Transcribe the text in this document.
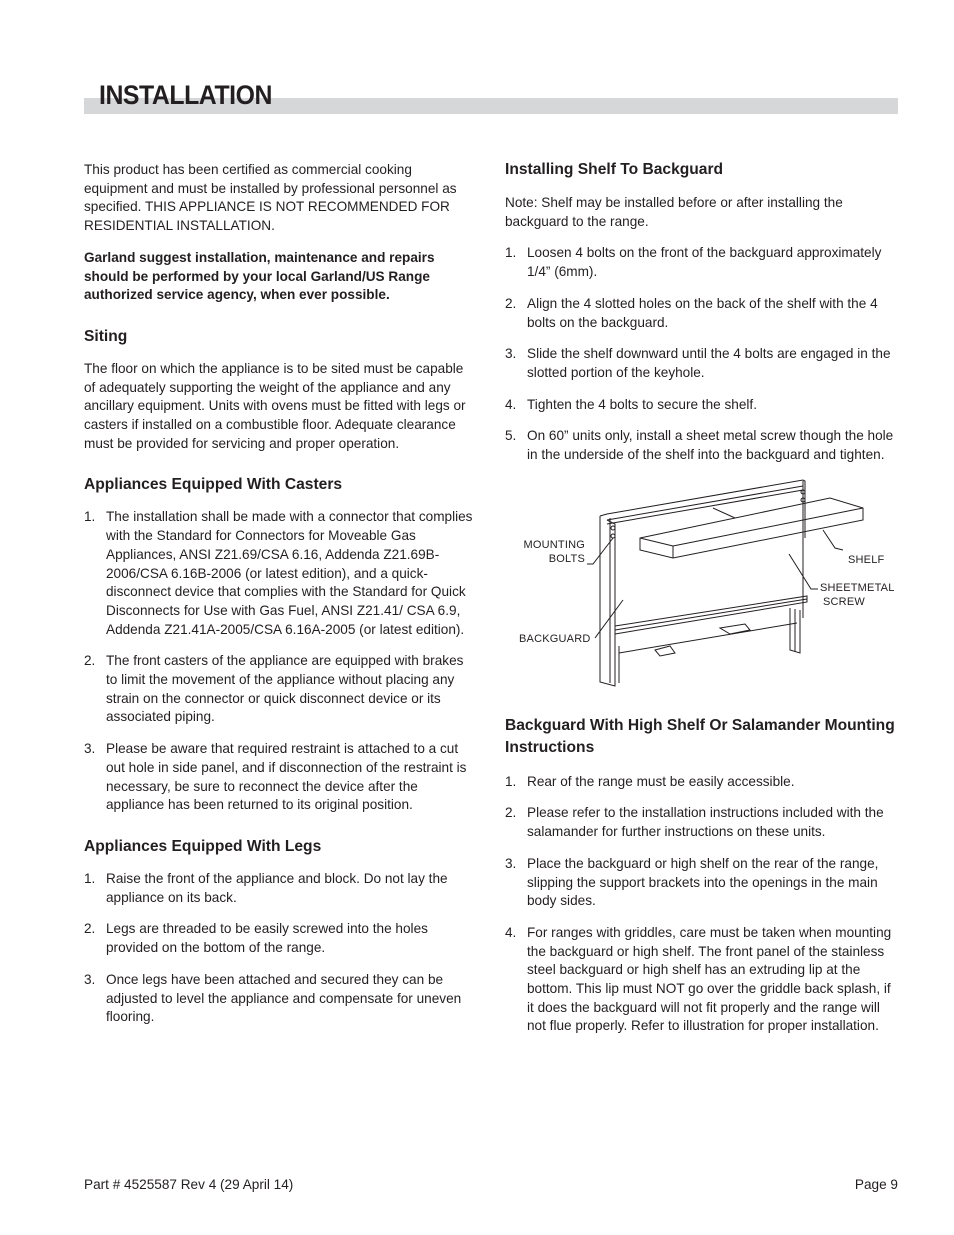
INSTALLATION

This product has been certified as commercial cooking equipment and must be installed by professional personnel as specified. THIS APPLIANCE IS NOT RECOMMENDED FOR RESIDENTIAL INSTALLATION.

Garland suggest installation, maintenance and repairs should be performed by your local Garland/US Range authorized service agency, when ever possible.

Siting

The floor on which the appliance is to be sited must be capable of adequately supporting the weight of the appliance and any ancillary equipment. Units with ovens must be fitted with legs or casters if installed on a combustible floor. Adequate clearance must be provided for servicing and proper operation.

Appliances Equipped With Casters
1. The installation shall be made with a connector that complies with the Standard for Connectors for Moveable Gas Appliances, ANSI Z21.69/CSA 6.16, Addenda Z21.69B-2006/CSA 6.16B-2006 (or latest edition), and a quick-disconnect device that complies with the Standard for Quick Disconnects for Use with Gas Fuel, ANSI Z21.41/ CSA 6.9, Addenda Z21.41A-2005/CSA 6.16A-2005 (or latest edition).
2. The front casters of the appliance are equipped with brakes to limit the movement of the appliance without placing any strain on the connector or quick disconnect device or its associated piping.
3. Please be aware that required restraint is attached to a cut out hole in side panel, and if disconnection of the restraint is necessary, be sure to reconnect the device after the appliance has been returned to its original position.
Appliances Equipped With Legs
1. Raise the front of the appliance and block. Do not lay the appliance on its back.
2. Legs are threaded to be easily screwed into the holes provided on the bottom of the range.
3. Once legs have been attached and secured they can be adjusted to level the appliance and compensate for uneven flooring.
Installing Shelf To Backguard

Note: Shelf may be installed before or after installing the backguard to the range.

1. Loosen 4 bolts on the front of the backguard approximately 1/4” (6mm).
2. Align the 4 slotted holes on the back of the shelf with the 4 bolts on the backguard.
3. Slide the shelf downward until the 4 bolts are engaged in the slotted portion of the keyhole.
4. Tighten the 4 bolts to secure the shelf.
5. On 60” units only, install a sheet metal screw though the hole in the underside of the shelf into the backguard and tighten.
MOUNTING
BOLTS
BACKGUARD
SHELF
SHEETMETAL
SCREW
Backguard With High Shelf Or Salamander Mounting Instructions
1. Rear of the range must be easily accessible.
2. Please refer to the installation instructions included with the salamander for further instructions on these units.
3. Place the backguard or high shelf on the rear of the range, slipping the support brackets into the openings in the main body sides.
4. For ranges with griddles, care must be taken when mounting the backguard or high shelf. The front panel of the stainless steel backguard or high shelf has an extruding lip at the bottom. This lip must NOT go over the griddle back splash, if it does the backguard will not fit properly and the range will not flue properly. Refer to illustration for proper installation.
Part # 4525587 Rev 4 (29 April 14)	Page 9
